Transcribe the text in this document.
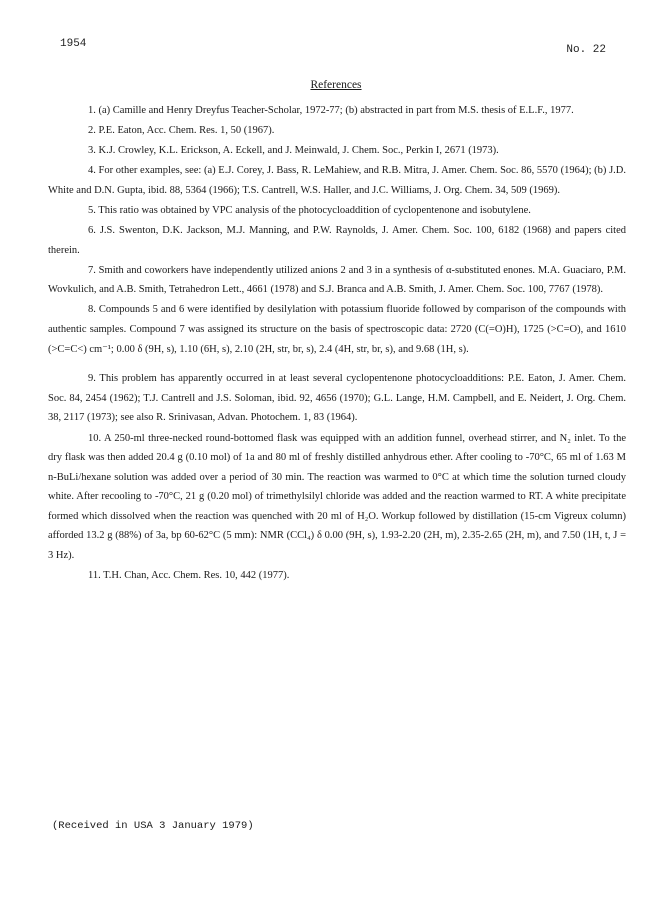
1954	No. 22
References

1. (a) Camille and Henry Dreyfus Teacher-Scholar, 1972-77; (b) abstracted in part from M.S. thesis of E.L.F., 1977.

2. P.E. Eaton, Acc. Chem. Res. 1, 50 (1967).

3. K.J. Crowley, K.L. Erickson, A. Eckell, and J. Meinwald, J. Chem. Soc., Perkin I, 2671 (1973).

4. For other examples, see: (a) E.J. Corey, J. Bass, R. LeMahiew, and R.B. Mitra, J. Amer. Chem. Soc. 86, 5570 (1964); (b) J.D. White and D.N. Gupta, ibid. 88, 5364 (1966); T.S. Cantrell, W.S. Haller, and J.C. Williams, J. Org. Chem. 34, 509 (1969).

5. This ratio was obtained by VPC analysis of the photocycloaddition of cyclopentenone and isobutylene.

6. J.S. Swenton, D.K. Jackson, M.J. Manning, and P.W. Raynolds, J. Amer. Chem. Soc. 100, 6182 (1968) and papers cited therein.

7. Smith and coworkers have independently utilized anions 2 and 3 in a synthesis of α-substituted enones. M.A. Guaciaro, P.M. Wovkulich, and A.B. Smith, Tetrahedron Lett., 4661 (1978) and S.J. Branca and A.B. Smith, J. Amer. Chem. Soc. 100, 7767 (1978).

8. Compounds 5 and 6 were identified by desilylation with potassium fluoride followed by comparison of the compounds with authentic samples. Compound 7 was assigned its structure on the basis of spectroscopic data: 2720 (C(=O)H), 1725 (>C=O), and 1610 (>C=C<) cm⁻¹; 0.00 δ (9H, s), 1.10 (6H, s), 2.10 (2H, str, br, s), 2.4 (4H, str, br, s), and 9.68 (1H, s).

9. This problem has apparently occurred in at least several cyclopentenone photocycloadditions: P.E. Eaton, J. Amer. Chem. Soc. 84, 2454 (1962); T.J. Cantrell and J.S. Soloman, ibid. 92, 4656 (1970); G.L. Lange, H.M. Campbell, and E. Neidert, J. Org. Chem. 38, 2117 (1973); see also R. Srinivasan, Advan. Photochem. 1, 83 (1964).

10. A 250-ml three-necked round-bottomed flask was equipped with an addition funnel, overhead stirrer, and N₂ inlet. To the dry flask was then added 20.4 g (0.10 mol) of 1a and 80 ml of freshly distilled anhydrous ether. After cooling to -70°C, 65 ml of 1.63 M n-BuLi/hexane solution was added over a period of 30 min. The reaction was warmed to 0°C at which time the solution turned cloudy white. After recooling to -70°C, 21 g (0.20 mol) of trimethylsilyl chloride was added and the reaction warmed to RT. A white precipitate formed which dissolved when the reaction was quenched with 20 ml of H₂O. Workup followed by distillation (15-cm Vigreux column) afforded 13.2 g (88%) of 3a, bp 60-62°C (5 mm): NMR (CCl₄) δ 0.00 (9H, s), 1.93-2.20 (2H, m), 2.35-2.65 (2H, m), and 7.50 (1H, t, J = 3 Hz).

11. T.H. Chan, Acc. Chem. Res. 10, 442 (1977).

(Received in USA 3 January 1979)
